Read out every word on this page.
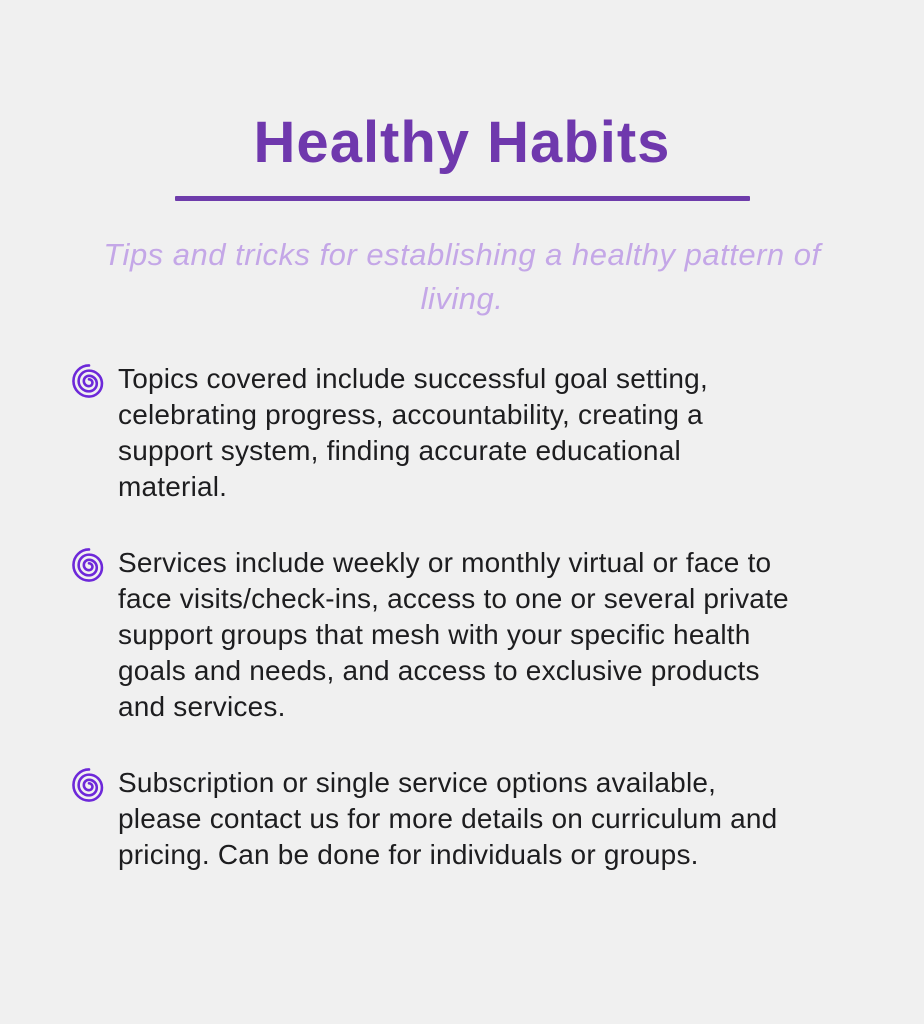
Healthy Habits
Tips and tricks for establishing a healthy pattern of
living.
Topics covered include successful goal setting,
celebrating progress, accountability, creating a
support system, finding accurate educational
material.
Services include weekly or monthly virtual or face to
face visits/check-ins, access to one or several private
support groups that mesh with your specific health
goals and needs, and access to exclusive products
and services.
Subscription or single service options available,
please contact us for more details on curriculum and
pricing. Can be done for individuals or groups.
